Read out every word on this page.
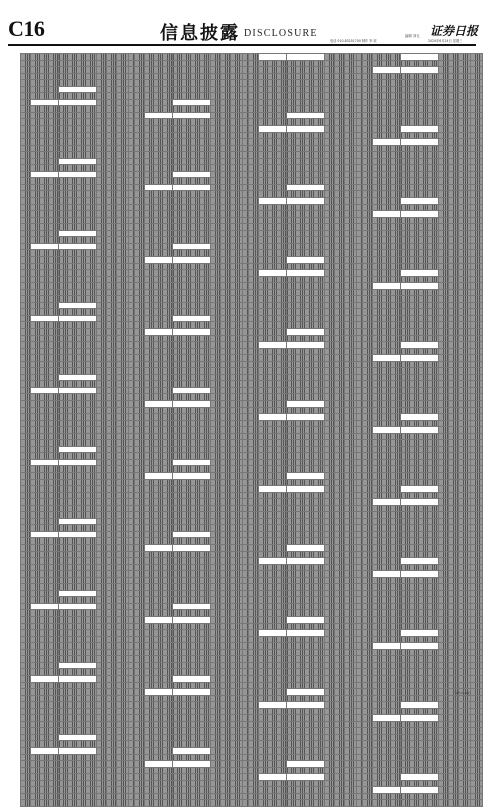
C16	信息披露 DISCLOSURE	证券日报
编辑 刘无
电话 010-83251700 制作 李 波	2020年6月24日 星期三

（下转C15版）
